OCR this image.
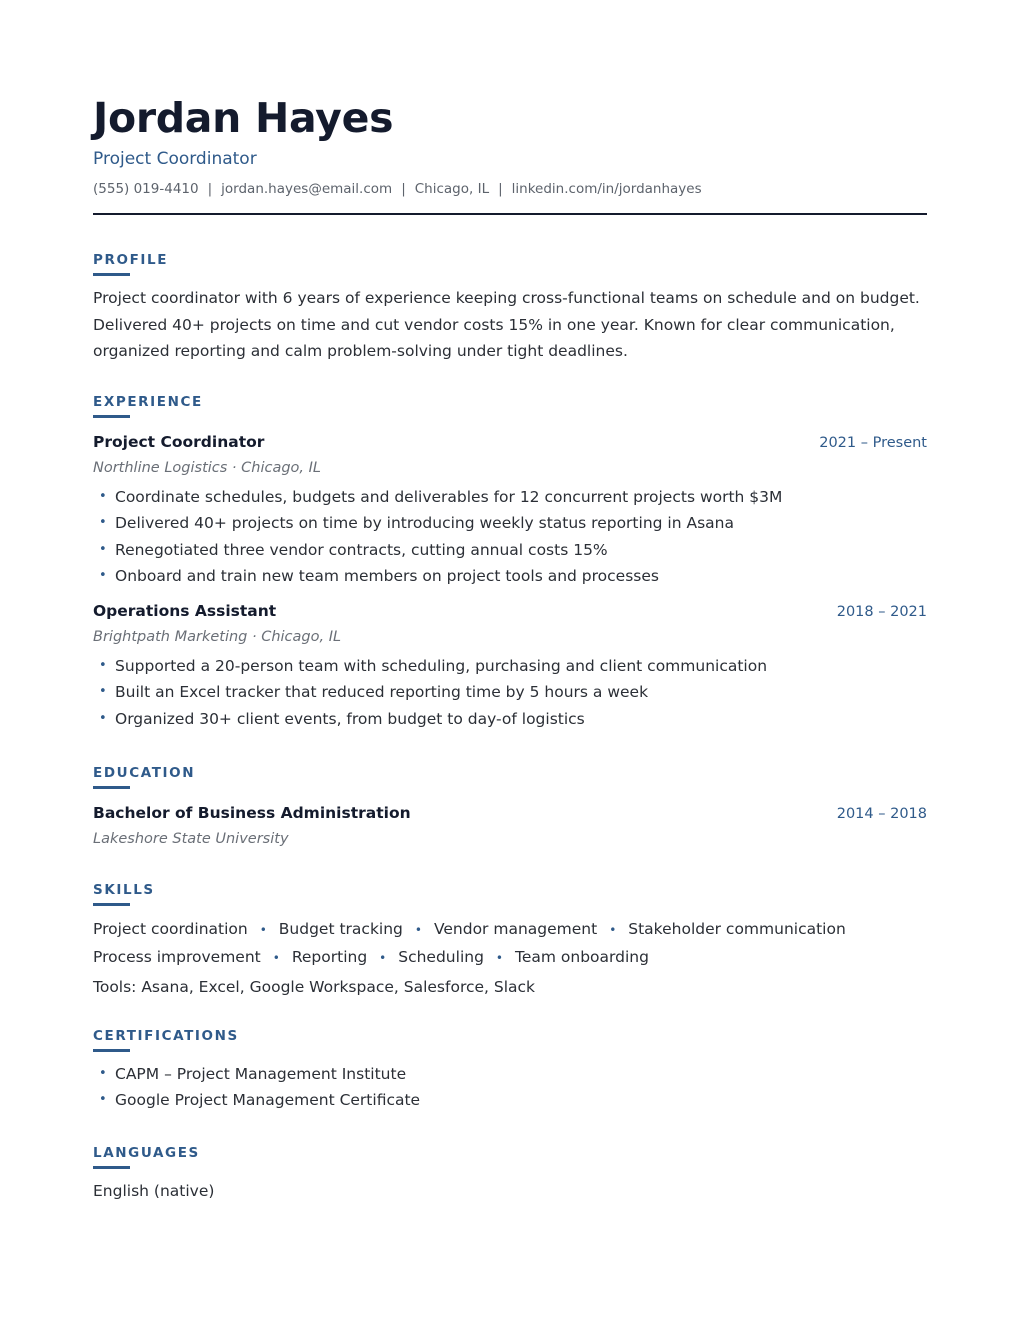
Jordan Hayes
Project Coordinator
(555) 019-4410 | jordan.hayes@email.com | Chicago, IL | linkedin.com/in/jordanhayes
PROFILE
Project coordinator with 6 years of experience keeping cross-functional teams on schedule and on budget. Delivered 40+ projects on time and cut vendor costs 15% in one year. Known for clear communication, organized reporting and calm problem-solving under tight deadlines.
EXPERIENCE
Project Coordinator	2021 – Present
Northline Logistics · Chicago, IL
• Coordinate schedules, budgets and deliverables for 12 concurrent projects worth $3M
• Delivered 40+ projects on time by introducing weekly status reporting in Asana
• Renegotiated three vendor contracts, cutting annual costs 15%
• Onboard and train new team members on project tools and processes
Operations Assistant	2018 – 2021
Brightpath Marketing · Chicago, IL
• Supported a 20-person team with scheduling, purchasing and client communication
• Built an Excel tracker that reduced reporting time by 5 hours a week
• Organized 30+ client events, from budget to day-of logistics
EDUCATION
Bachelor of Business Administration	2014 – 2018
Lakeshore State University
SKILLS
Project coordination • Budget tracking • Vendor management • Stakeholder communication
Process improvement • Reporting • Scheduling • Team onboarding
Tools: Asana, Excel, Google Workspace, Salesforce, Slack
CERTIFICATIONS
• CAPM – Project Management Institute
• Google Project Management Certificate
LANGUAGES
English (native)
